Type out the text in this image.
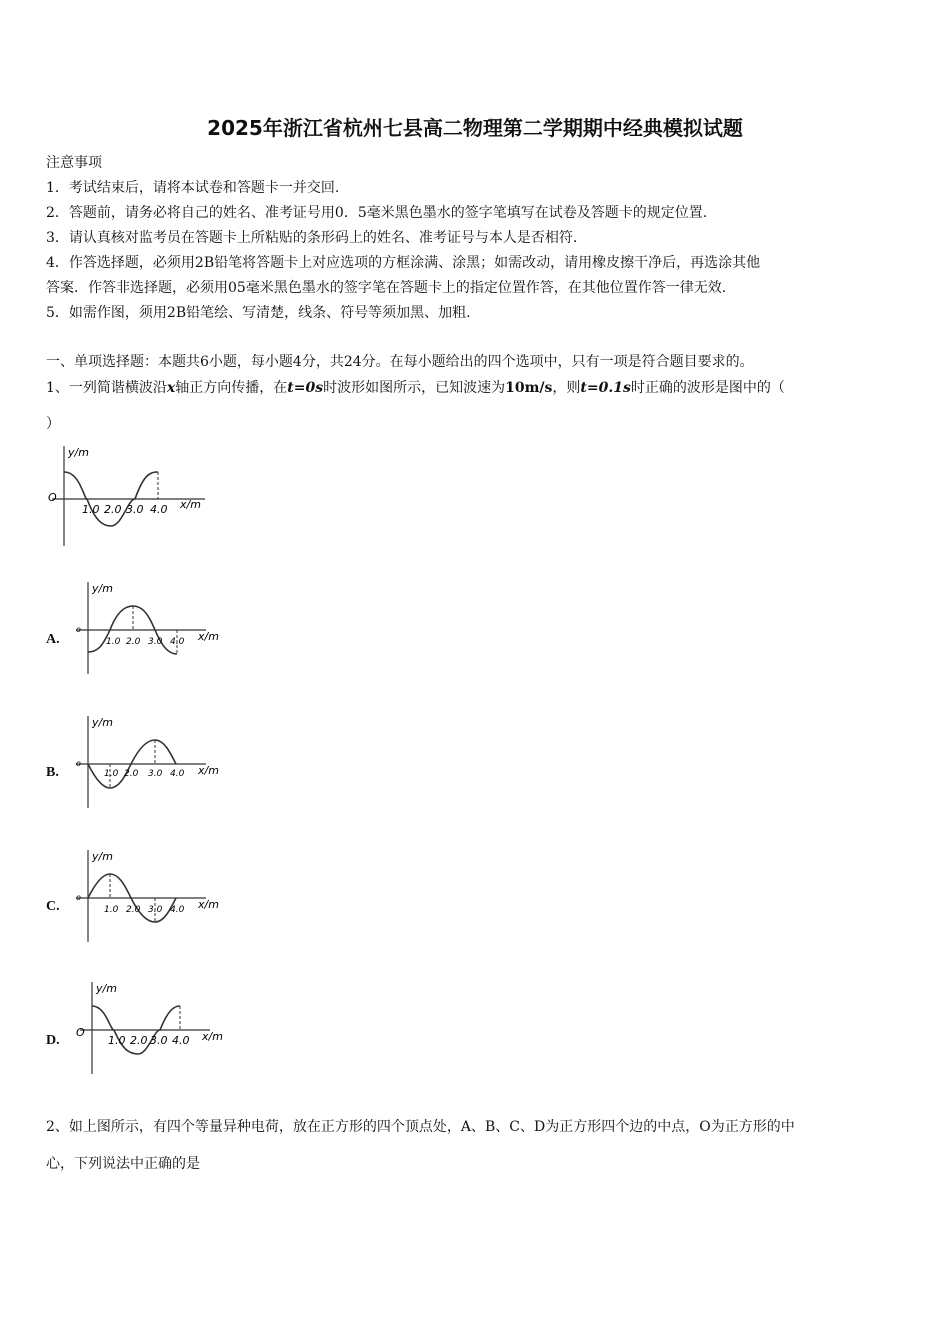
2025年浙江省杭州七县高二物理第二学期期中经典模拟试题
注意事项
1．考试结束后，请将本试卷和答题卡一并交回.
2．答题前，请务必将自己的姓名、准考证号用0．5毫米黑色墨水的签字笔填写在试卷及答题卡的规定位置.
3．请认真核对监考员在答题卡上所粘贴的条形码上的姓名、准考证号与本人是否相符.
4．作答选择题，必须用2B铅笔将答题卡上对应选项的方框涂满、涂黑；如需改动，请用橡皮擦干净后，再选涂其他
答案．作答非选择题，必须用05毫米黑色墨水的签字笔在答题卡上的指定位置作答，在其他位置作答一律无效.
5．如需作图，须用2B铅笔绘、写清楚，线条、符号等须加黑、加粗.
一、单项选择题：本题共6小题，每小题4分，共24分。在每小题给出的四个选项中，只有一项是符合题目要求的。
1、一列简谐横波沿x轴正方向传播，在t=0s时波形如图所示，已知波速为10m/s，则t=0.1s时正确的波形是图中的（
）
y/m
x/m
O
1.0 2.0 3.0 4.0
A.
y/m
x/m
o
1.0 2.0 3.0 4.0
B.
y/m
x/m
o
1.0 2.0 3.0 4.0
C.
y/m
x/m
o
1.0 2.0 3.0 4.0
D.
y/m
x/m
O
1.0 2.0 3.0 4.0
2、如上图所示，有四个等量异种电荷，放在正方形的四个顶点处，A、B、C、D为正方形四个边的中点，O为正方形的中
心，下列说法中正确的是
